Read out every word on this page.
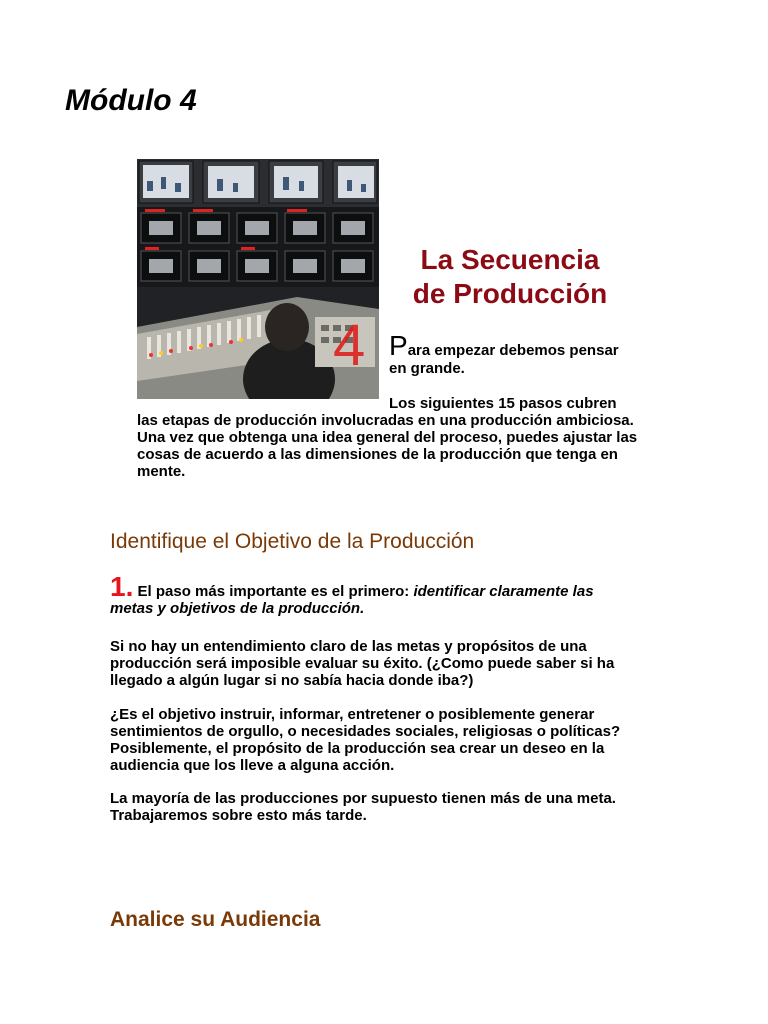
Módulo 4
4
La Secuencia
de Producción

Para empezar debemos pensar en grande.

Los siguientes 15 pasos cubren las etapas de producción involucradas en una producción ambiciosa. Una vez que obtenga una idea general del proceso, puedes ajustar las cosas de acuerdo a las dimensiones de la producción que tenga en mente.

Identifique el Objetivo de la Producción

1. El paso más importante es el primero: identificar claramente las metas y objetivos de la producción.

Si no hay un entendimiento claro de las metas y propósitos de una producción será imposible evaluar su éxito. (¿Como puede saber si ha llegado a algún lugar si no sabía hacia donde iba?)

¿Es el objetivo instruir, informar, entretener o posiblemente generar sentimientos de orgullo, o necesidades sociales, religiosas o políticas? Posiblemente, el propósito de la producción sea crear un deseo en la audiencia que los lleve a alguna acción.

La mayoría de las producciones por supuesto tienen más de una meta. Trabajaremos sobre esto más tarde.

Analice su Audiencia
